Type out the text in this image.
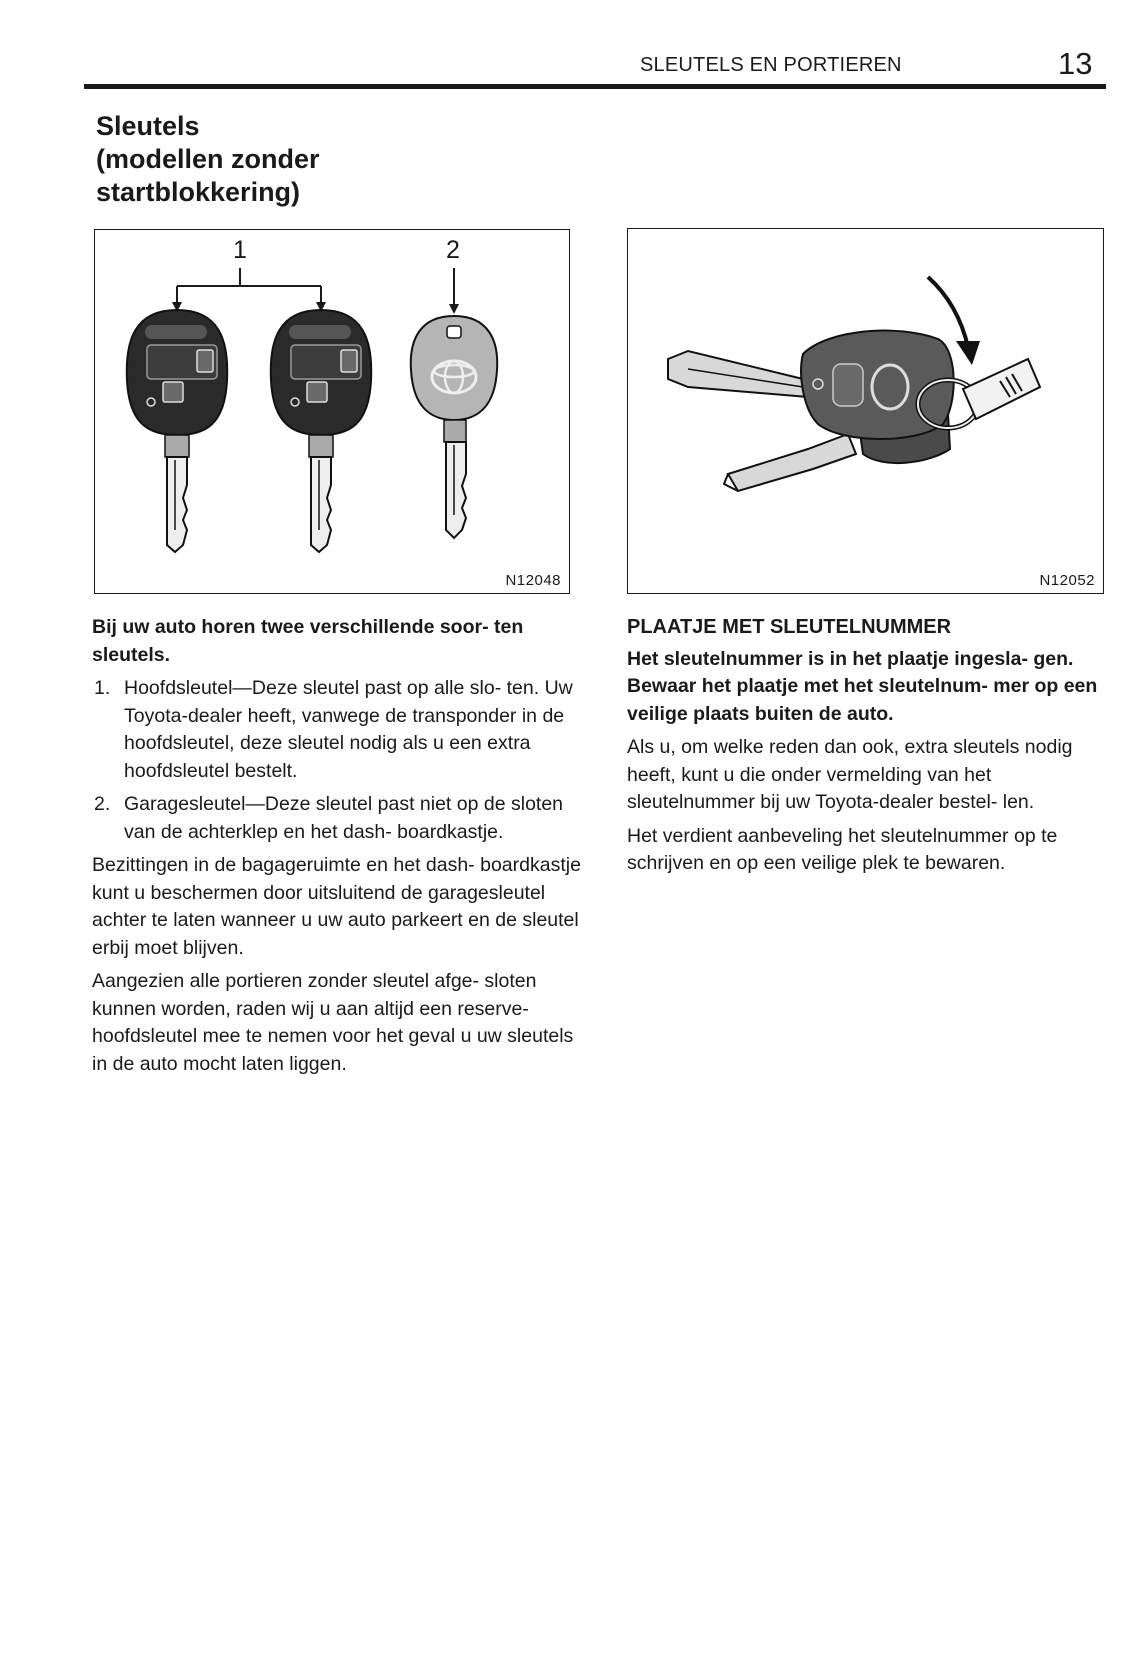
SLEUTELS EN PORTIEREN	13
Sleutels
(modellen zonder
startblokkering)
1	2
N12048	N12052

Bij uw auto horen twee verschillende soor- ten sleutels.

1. Hoofdsleutel—Deze sleutel past op alle slo- ten. Uw Toyota-dealer heeft, vanwege de transponder in de hoofdsleutel, deze sleutel nodig als u een extra hoofdsleutel bestelt.
2. Garagesleutel—Deze sleutel past niet op de sloten van de achterklep en het dash- boardkastje.

Bezittingen in de bagageruimte en het dash- boardkastje kunt u beschermen door uitsluitend de garagesleutel achter te laten wanneer u uw auto parkeert en de sleutel erbij moet blijven.

Aangezien alle portieren zonder sleutel afge- sloten kunnen worden, raden wij u aan altijd een reserve-hoofdsleutel mee te nemen voor het geval u uw sleutels in de auto mocht laten liggen.

PLAATJE MET SLEUTELNUMMER

Het sleutelnummer is in het plaatje ingesla- gen. Bewaar het plaatje met het sleutelnum- mer op een veilige plaats buiten de auto.

Als u, om welke reden dan ook, extra sleutels nodig heeft, kunt u die onder vermelding van het sleutelnummer bij uw Toyota-dealer bestel- len.

Het verdient aanbeveling het sleutelnummer op te schrijven en op een veilige plek te bewaren.
